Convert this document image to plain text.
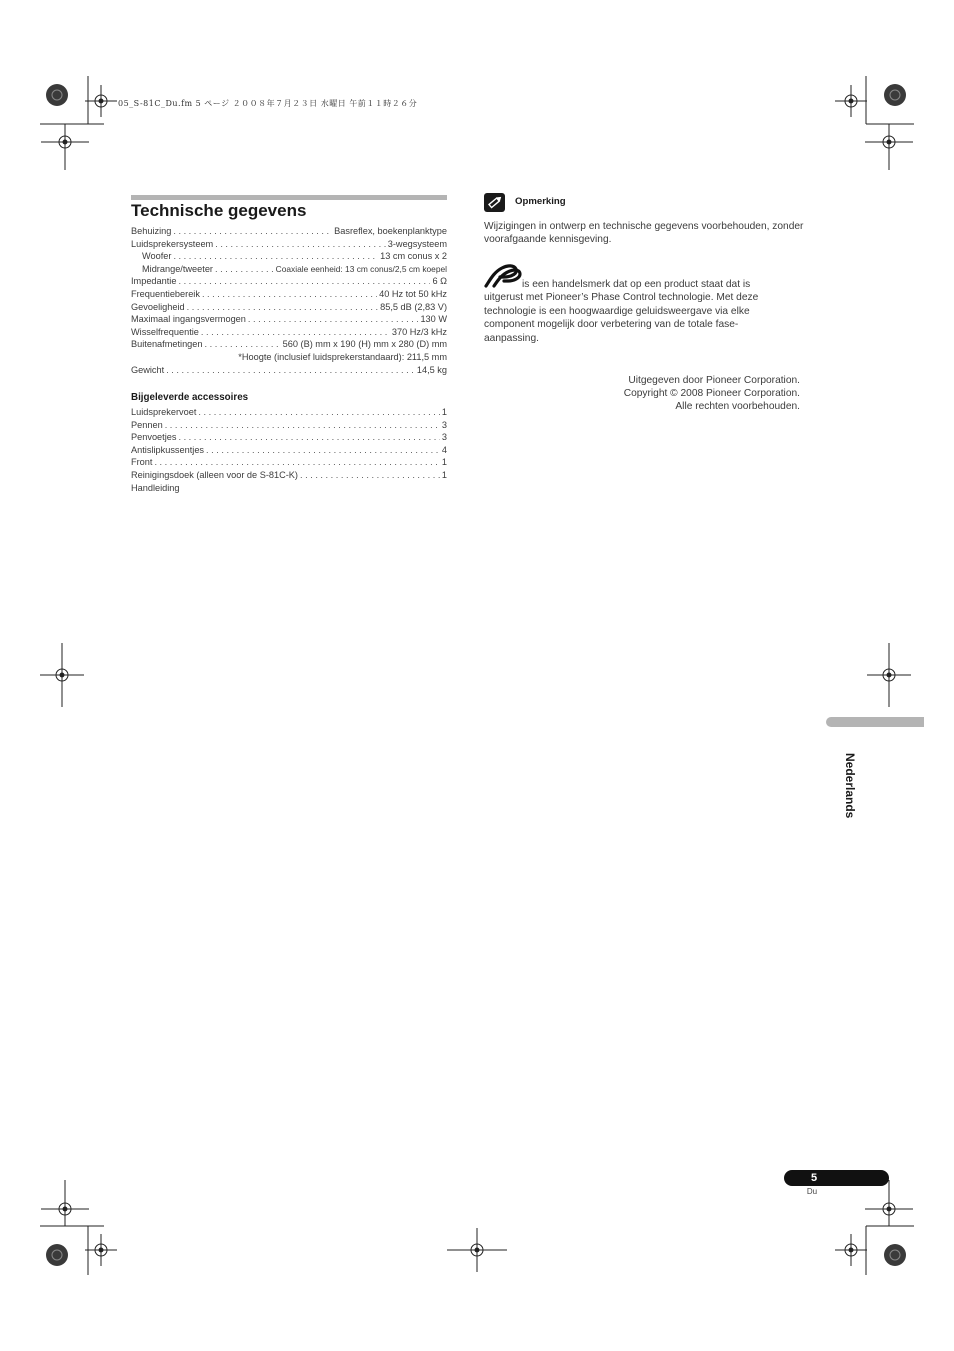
05_S-81C_Du.fm 5 ページ ２００８年７月２３日 水曜日 午前１１時２６分
Technische gegevens
Behuizing . . .	Basreflex, boekenplanktype
Luidsprekersysteem . . .	3-wegsysteem
Woofer . . .	13 cm conus x 2
Midrange/tweeter . . .	Coaxiale eenheid: 13 cm conus/2,5 cm koepel
Impedantie . . .	6 Ω
Frequentiebereik . . .	40 Hz tot 50 kHz
Gevoeligheid . . .	85,5 dB (2,83 V)
Maximaal ingangsvermogen . . .	130 W
Wisselfrequentie . . .	370 Hz/3 kHz
Buitenafmetingen . . .	560 (B) mm x 190 (H) mm x 280 (D) mm
*Hoogte (inclusief luidsprekerstandaard): 211,5 mm
Gewicht . . .	14,5 kg
Bijgeleverde accessoires
Luidsprekervoet . . .	1
Pennen . . .	3
Penvoetjes . . .	3
Antislipkussentjes . . .	4
Front . . .	1
Reinigingsdoek (alleen voor de S-81C-K) . . .	1
Handleiding
Opmerking
Wijzigingen in ontwerp en technische gegevens voorbehouden, zonder voorafgaande kennisgeving.
is een handelsmerk dat op een product staat dat is uitgerust met Pioneer’s Phase Control technologie. Met deze technologie is een hoogwaardige geluidsweergave via elke component mogelijk door verbetering van de totale fase-aanpassing.
Uitgegeven door Pioneer Corporation.
Copyright © 2008 Pioneer Corporation.
Alle rechten voorbehouden.
Nederlands
5
Du
